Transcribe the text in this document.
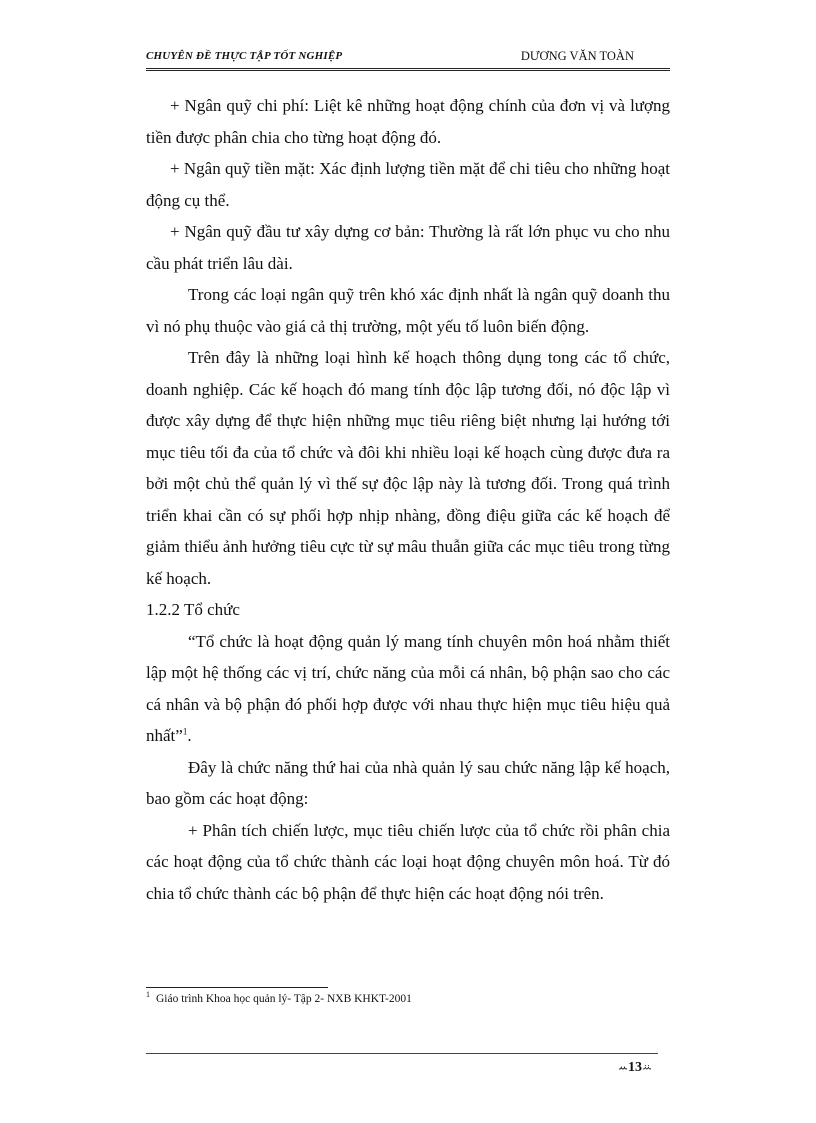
CHUYÊN ĐỀ THỰC TẬP TỐT NGHIỆP	DƯƠNG VĂN TOÀN

+ Ngân quỹ chi phí: Liệt kê những hoạt động chính của đơn vị và lượng tiền được phân chia cho từng hoạt động đó.

+ Ngân quỹ tiền mặt: Xác định lượng tiền mặt để chi tiêu cho những hoạt động cụ thể.

+ Ngân quỹ đầu tư xây dựng cơ bản: Thường là rất lớn phục vu cho nhu cầu phát triển lâu dài.

Trong các loại ngân quỹ trên khó xác định nhất là ngân quỹ doanh thu vì nó phụ thuộc vào giá cả thị trường, một yếu tố luôn biến động.

Trên đây là những loại hình kế hoạch thông dụng tong các tổ chức, doanh nghiệp. Các kế hoạch đó mang tính độc lập tương đối, nó độc lập vì được xây dựng để thực hiện những mục tiêu riêng biệt nhưng lại hướng tới mục tiêu tối đa của tổ chức và đôi khi nhiều loại kế hoạch cùng được đưa ra bởi một chủ thể quản lý vì thế sự độc lập này là tương đối. Trong quá trình triển khai cần có sự phối hợp nhịp nhàng, đồng điệu giữa các kế hoạch để giảm thiểu ảnh hưởng tiêu cực từ sự mâu thuẫn giữa các mục tiêu trong từng kế hoạch.

1.2.2 Tổ chức

“Tổ chức là hoạt động quản lý mang tính chuyên môn hoá nhằm thiết lập một hệ thống các vị trí, chức năng của mỗi cá nhân, bộ phận sao cho các cá nhân và bộ phận đó phối hợp được với nhau thực hiện mục tiêu hiệu quả nhất”$^1$.

Đây là chức năng thứ hai của nhà quản lý sau chức năng lập kế hoạch, bao gồm các hoạt động:

+ Phân tích chiến lược, mục tiêu chiến lược của tổ chức rồi phân chia các hoạt động của tổ chức thành các loại hoạt động chuyên môn hoá. Từ đó chia tổ chức thành các bộ phận để thực hiện các hoạt động nói trên.

$^1$ Giáo trình Khoa học quản lý- Tập 2- NXB KHKT-2001
ꕀ13ꕁ
